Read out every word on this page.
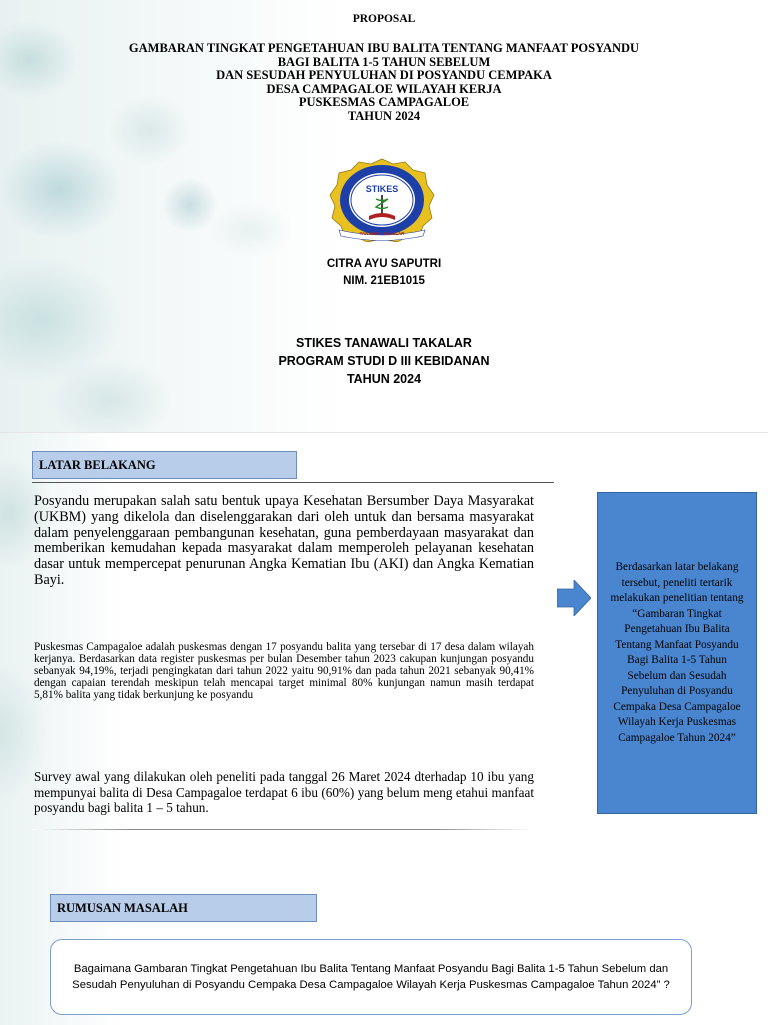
PROPOSAL
GAMBARAN TINGKAT PENGETAHUAN IBU BALITA TENTANG MANFAAT POSYANDU
BAGI BALITA 1-5 TAHUN SEBELUM
DAN SESUDAH PENYULUHAN DI POSYANDU CEMPAKA
DESA CAMPAGALOE WILAYAH KERJA
PUSKESMAS CAMPAGALOE
TAHUN 2024
STIKES
TANAWALI TAKALAR
CITRA AYU SAPUTRI
NIM. 21EB1015
STIKES TANAWALI TAKALAR
PROGRAM STUDI D III KEBIDANAN
TAHUN 2024
LATAR BELAKANG
Posyandu merupakan salah satu bentuk upaya Kesehatan Bersumber Daya Masyarakat (UKBM) yang dikelola dan diselenggarakan dari oleh untuk dan bersama masyarakat dalam penyelenggaraan pembangunan kesehatan, guna pemberdayaan masyarakat dan memberikan kemudahan kepada masyarakat dalam memperoleh pelayanan kesehatan dasar untuk mempercepat penurunan Angka Kematian Ibu (AKI) dan Angka Kematian Bayi.
Puskesmas Campagaloe adalah puskesmas dengan 17 posyandu balita yang tersebar di 17 desa dalam wilayah kerjanya. Berdasarkan data register puskesmas per bulan Desember tahun 2023 cakupan kunjungan posyandu sebanyak 94,19%, terjadi pengingkatan dari tahun 2022 yaitu 90,91% dan pada tahun 2021 sebanyak 90,41% dengan capaian terendah meskipun telah mencapai target minimal 80% kunjungan namun masih terdapat 5,81% balita yang tidak berkunjung ke posyandu
Survey awal yang dilakukan oleh peneliti pada tanggal 26 Maret 2024 dterhadap 10 ibu yang mempunyai balita di Desa Campagaloe terdapat 6 ibu (60%) yang belum meng etahui manfaat posyandu bagi balita 1 – 5 tahun.
Berdasarkan latar belakang tersebut, peneliti tertarik melakukan penelitian tentang “Gambaran Tingkat Pengetahuan Ibu Balita Tentang Manfaat Posyandu Bagi Balita 1-5 Tahun Sebelum dan Sesudah Penyuluhan di Posyandu Cempaka Desa Campagaloe Wilayah Kerja Puskesmas Campagaloe Tahun 2024”
RUMUSAN MASALAH
Bagaimana Gambaran Tingkat Pengetahuan Ibu Balita Tentang Manfaat Posyandu Bagi Balita 1-5 Tahun Sebelum dan Sesudah Penyuluhan di Posyandu Cempaka Desa Campagaloe Wilayah Kerja Puskesmas Campagaloe Tahun 2024” ?
